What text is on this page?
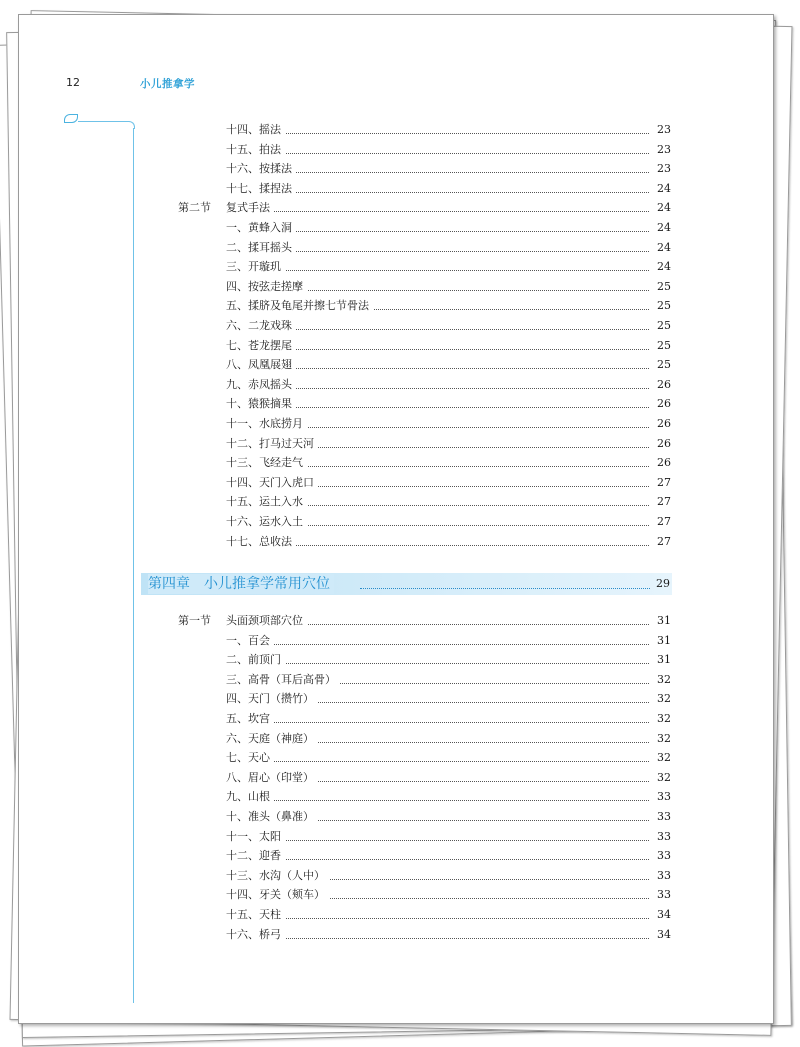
12	小儿推拿学
十四、摇法	23
十五、拍法	23
十六、按揉法	23
十七、揉捏法	24
第二节 复式手法	24
一、黄蜂入洞	24
二、揉耳摇头	24
三、开璇玑	24
四、按弦走搓摩	25
五、揉脐及龟尾并擦七节骨法	25
六、二龙戏珠	25
七、苍龙摆尾	25
八、凤凰展翅	25
九、赤凤摇头	26
十、猿猴摘果	26
十一、水底捞月	26
十二、打马过天河	26
十三、飞经走气	26
十四、天门入虎口	27
十五、运土入水	27
十六、运水入土	27
十七、总收法	27
第四章　小儿推拿学常用穴位	29
第一节 头面颈项部穴位	31
一、百会	31
二、前顶门	31
三、高骨（耳后高骨）	32
四、天门（攒竹）	32
五、坎宫	32
六、天庭（神庭）	32
七、天心	32
八、眉心（印堂）	32
九、山根	33
十、准头（鼻准）	33
十一、太阳	33
十二、迎香	33
十三、水沟（人中）	33
十四、牙关（颊车）	33
十五、天柱	34
十六、桥弓	34
